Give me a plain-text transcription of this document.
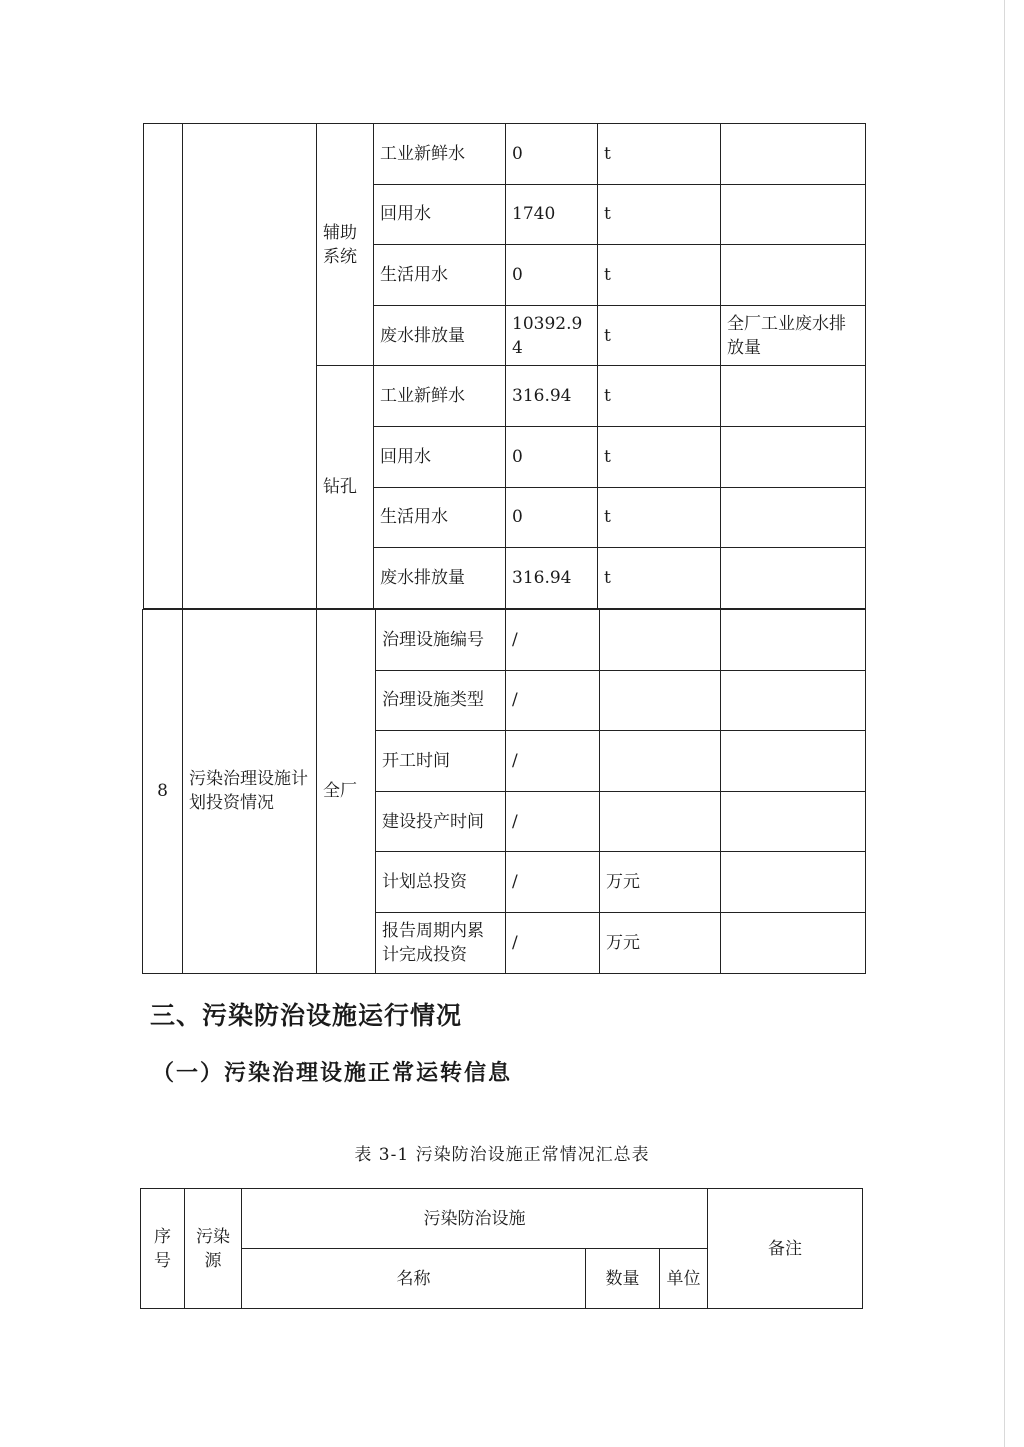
		辅助系统	工业新鲜水	0	t	
			回用水	1740	t	
			生活用水	0	t	
			废水排放量	10392.94	t	全厂工业废水排放量
		钻孔	工业新鲜水	316.94	t	
			回用水	0	t	
			生活用水	0	t	
			废水排放量	316.94	t	
8	污染治理设施计划投资情况	全厂	治理设施编号	/		
			治理设施类型	/		
			开工时间	/		
			建设投产时间	/		
			计划总投资	/	万元	
			报告周期内累计完成投资	/	万元	
三、污染防治设施运行情况
（一）污染治理设施正常运转信息
表 3-1 污染防治设施正常情况汇总表
序号	污染源	污染防治设施			备注
		名称	数量	单位	
